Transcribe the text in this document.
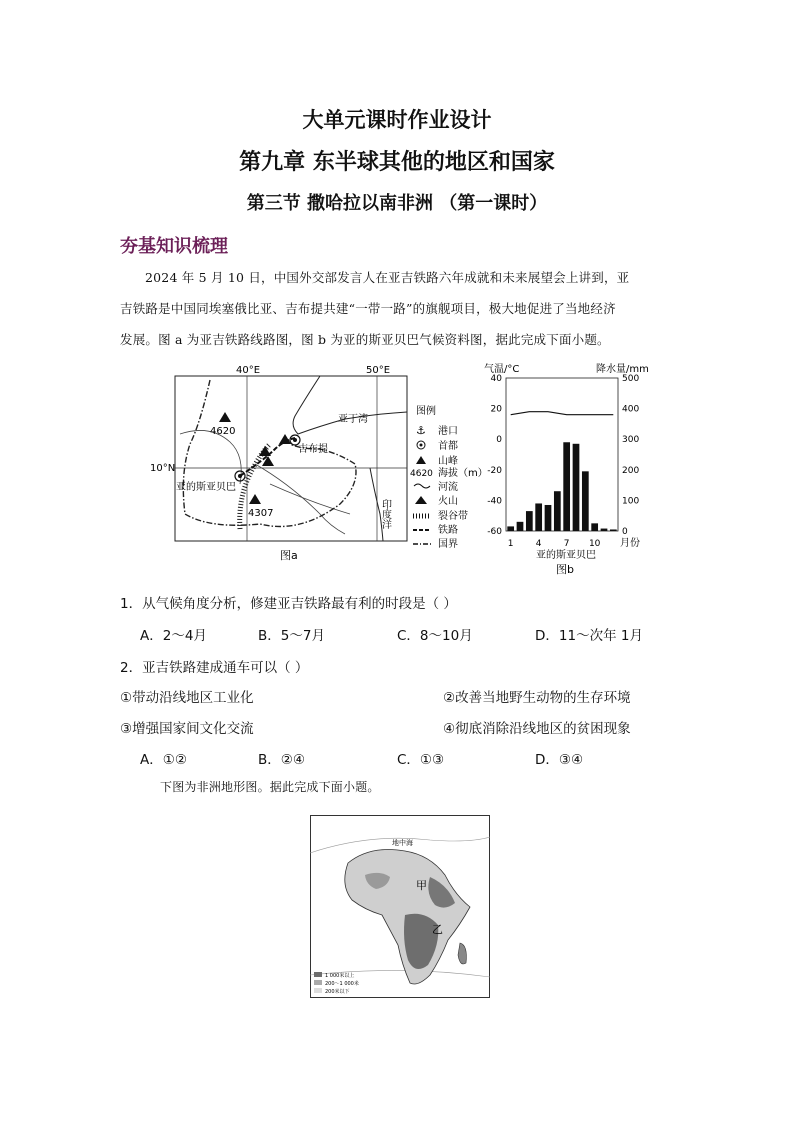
大单元课时作业设计
第九章 东半球其他的地区和国家
第三节 撒哈拉以南非洲 （第一课时）
夯基知识梳理
2024 年 5 月 10 日，中国外交部发言人在亚吉铁路六年成就和未来展望会上讲到，亚
吉铁路是中国同埃塞俄比亚、吉布提共建“一带一路”的旗舰项目，极大地促进了当地经济
发展。图 a 为亚吉铁路线路图，图 b 为亚的斯亚贝巴气候资料图，据此完成下面小题。
40°E	50°E
10°N
4620
4307
亚丁湾
吉布提
亚的斯亚贝巴
印度洋
图a
图例
⚓ 港口
首都
山峰
4620 海拔（m）
河流
火山
裂谷带
铁路
国界
气温/°C	降水量/mm
40
20
0
-20
-40
-60
500
400
300
200
100
0
1 4 7 10 月份
亚的斯亚贝巴
图b
1．从气候角度分析，修建亚吉铁路最有利的时段是（ ）
A．2～4月	B．5～7月	C．8～10月	D．11～次年 1月
2．亚吉铁路建成通车可以（ ）
①带动沿线地区工业化	②改善当地野生动物的生存环境
③增强国家间文化交流	④彻底消除沿线地区的贫困现象
A．①②	B．②④	C．①③	D．③④
下图为非洲地形图。据此完成下面小题。
地中海
甲
乙
1 000米以上
200～1 000米
200米以下
